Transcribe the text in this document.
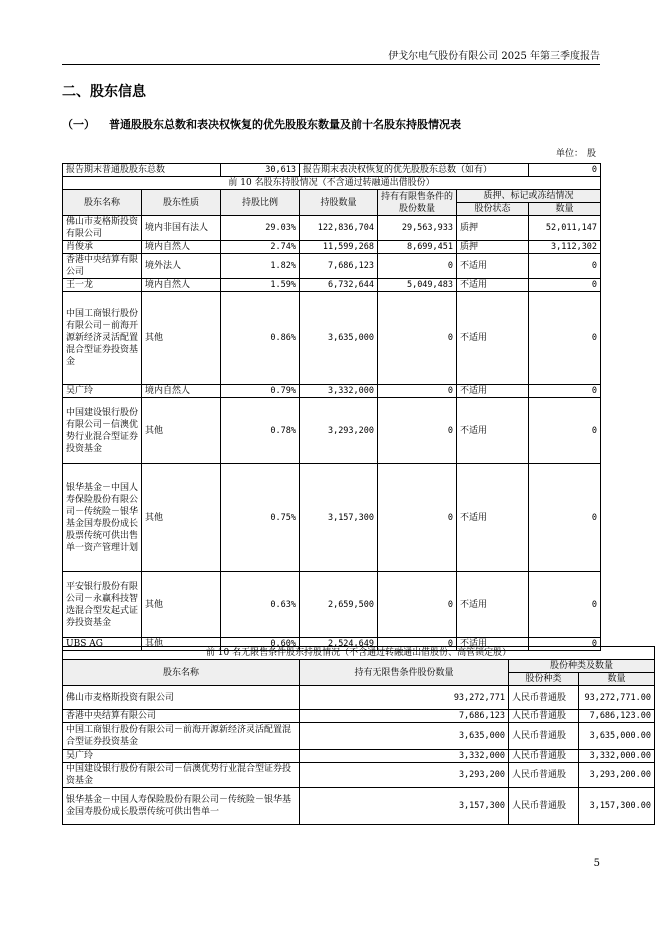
伊戈尔电气股份有限公司 2025 年第三季度报告
二、股东信息
（一） 普通股股东总数和表决权恢复的优先股股东数量及前十名股东持股情况表
单位： 股
报告期末普通股股东总数		30,613	报告期末表决权恢复的优先股股东总数（如有）			0
前 10 名股东持股情况（不含通过转融通出借股份）						
股东名称	股东性质	持股比例	持股数量	持有有限售条件的股份数量	质押、标记或冻结情况	
					股份状态	数量
佛山市麦格斯投资有限公司	境内非国有法人	29.03%	122,836,704	29,563,933	质押	52,011,147
肖俊承	境内自然人	2.74%	11,599,268	8,699,451	质押	3,112,302
香港中央结算有限公司	境外法人	1.82%	7,686,123	0	不适用	0
王一龙	境内自然人	1.59%	6,732,644	5,049,483	不适用	0
中国工商银行股份有限公司－前海开源新经济灵活配置混合型证券投资基金	其他	0.86%	3,635,000	0	不适用	0
吴广玲	境内自然人	0.79%	3,332,000	0	不适用	0
中国建设银行股份有限公司－信澳优势行业混合型证券投资基金	其他	0.78%	3,293,200	0	不适用	0
银华基金－中国人寿保险股份有限公司－传统险－银华基金国寿股份成长股票传统可供出售单一资产管理计划	其他	0.75%	3,157,300	0	不适用	0
平安银行股份有限公司－永赢科技智选混合型发起式证券投资基金	其他	0.63%	2,659,500	0	不适用	0
UBS AG	其他	0.60%	2,524,649	0	不适用	0
前 10 名无限售条件股东持股情况（不含通过转融通出借股份、高管锁定股）			
股东名称	持有无限售条件股份数量	股份种类及数量	
		股份种类	数量
佛山市麦格斯投资有限公司	93,272,771	人民币普通股	93,272,771.00
香港中央结算有限公司	7,686,123	人民币普通股	7,686,123.00
中国工商银行股份有限公司－前海开源新经济灵活配置混合型证券投资基金	3,635,000	人民币普通股	3,635,000.00
吴广玲	3,332,000	人民币普通股	3,332,000.00
中国建设银行股份有限公司－信澳优势行业混合型证券投资基金	3,293,200	人民币普通股	3,293,200.00
银华基金－中国人寿保险股份有限公司－传统险－银华基金国寿股份成长股票传统可供出售单一	3,157,300	人民币普通股	3,157,300.00
5
